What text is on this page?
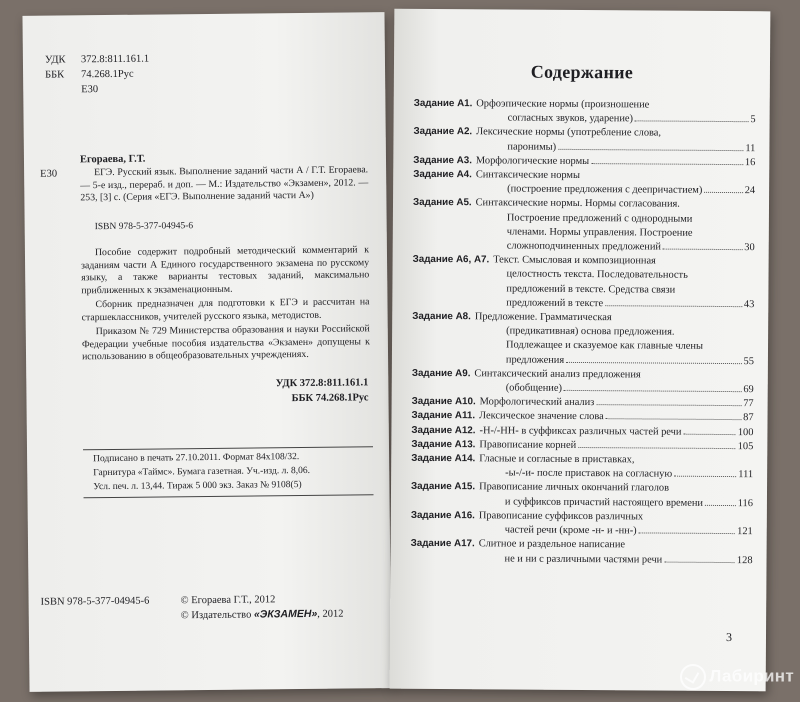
УДК 372.8:811.161.1
ББК 74.268.1Рус
Е30
Егораева, Г.Т.
Е30	ЕГЭ. Русский язык. Выполнение заданий части А / Г.Т. Егораева. — 5-е изд., перераб. и доп. — М.: Издательство «Экзамен», 2012. — 253, [3] с. (Серия «ЕГЭ. Выполнение заданий части А»)
ISBN 978-5-377-04945-6
Пособие содержит подробный методический комментарий к заданиям части А Единого государственного экзамена по русскому языку, а также варианты тестовых заданий, максимально приближенных к экзаменационным.
Сборник предназначен для подготовки к ЕГЭ и рассчитан на старшеклассников, учителей русского языка, методистов.
Приказом № 729 Министерства образования и науки Российской Федерации учебные пособия издательства «Экзамен» допущены к использованию в общеобразовательных учреждениях.
УДК 372.8:811.161.1
ББК 74.268.1Рус
Подписано в печать 27.10.2011. Формат 84х108/32.
Гарнитура «Таймс». Бумага газетная. Уч.-изд. л. 8,06.
Усл. печ. л. 13,44. Тираж 5 000 экз. Заказ № 9108(5)
ISBN 978-5-377-04945-6	© Егораева Г.Т., 2012
© Издательство «ЭКЗАМЕН», 2012
Содержание
Задание А1. Орфоэпические нормы (произношение
согласных звуков, ударение)	5
Задание А2. Лексические нормы (употребление слова,
паронимы)	11
Задание А3. Морфологические нормы	16
Задание А4. Синтаксические нормы
(построение предложения с деепричастием)	24
Задание А5. Синтаксические нормы. Нормы согласования.
Построение предложений с однородными
членами. Нормы управления. Построение
сложноподчиненных предложений	30
Задание А6, А7. Текст. Смысловая и композиционная
целостность текста. Последовательность
предложений в тексте. Средства связи
предложений в тексте	43
Задание А8. Предложение. Грамматическая
(предикативная) основа предложения.
Подлежащее и сказуемое как главные члены
предложения	55
Задание А9. Синтаксический анализ предложения
(обобщение)	69
Задание А10. Морфологический анализ	77
Задание А11. Лексическое значение слова	87
Задание А12. -Н-/-НН- в суффиксах различных частей речи	100
Задание А13. Правописание корней	105
Задание А14. Гласные и согласные в приставках,
-ы-/-и- после приставок на согласную	111
Задание А15. Правописание личных окончаний глаголов
и суффиксов причастий настоящего времени	116
Задание А16. Правописание суффиксов различных
частей речи (кроме -н- и -нн-)	121
Задание А17. Слитное и раздельное написание
не и ни с различными частями речи	128
3
Лабиринт
